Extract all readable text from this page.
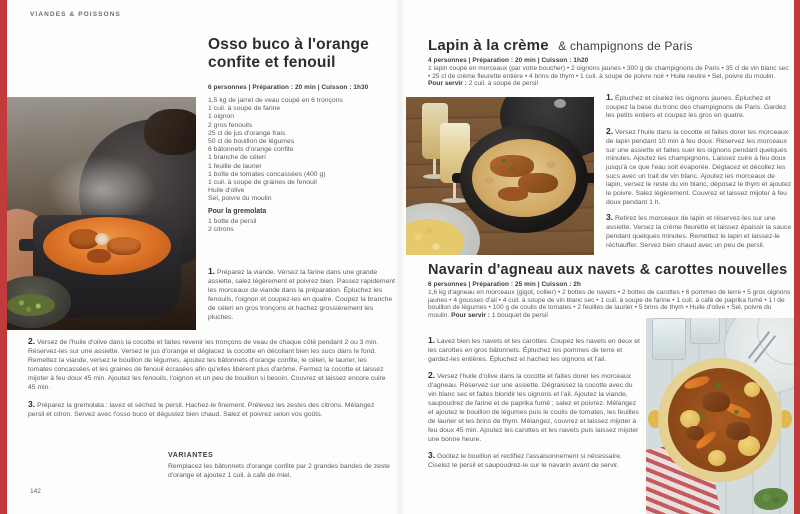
VIANDES & POISSONS
Osso buco à l'orange
confite et fenouil
6 personnes | Préparation : 20 min | Cuisson : 1h30
1,5 kg de jarret de veau coupé en 6 tronçons
1 cuil. à soupe de farine
1 oignon
2 gros fenouils
25 cl de jus d'orange frais
50 cl de bouillon de légumes
6 bâtonnets d'orange confite
1 branche de céleri
1 feuille de laurier
1 boîte de tomates concassées (400 g)
1 cuil. à soupe de graines de fenouil
Huile d'olive
Sel, poivre du moulin
Pour la gremolata
1 botte de persil
2 citrons
1. Préparez la viande. Versez la farine dans une grande assiette, salez légèrement et poivrez bien. Passez rapidement les morceaux de viande dans la préparation. Épluchez les fenouils, l'oignon et coupez-les en quatre. Coupez la branche de céleri en gros tronçons et hachez grossièrement les pluches.

2. Versez de l'huile d'olive dans la cocotte et faites revenir les tronçons de veau de chaque côté pendant 2 ou 3 min. Réservez-les sur une assiette. Versez le jus d'orange et déglacez la cocotte en décollant bien les sucs dans le fond. Remettez la viande, versez le bouillon de légumes, ajoutez les bâtonnets d'orange confite, le céleri, le laurier, les tomates concassées et les graines de fenouil écrasées afin qu'elles libèrent plus d'arôme. Fermez la cocotte et laissez mijoter à feu doux 45 min. Ajoutez les fenouils, l'oignon et un peu de bouillon si besoin. Couvrez et laissez encore cuire 45 min.

3. Préparez la gremolata : lavez et séchez le persil. Hachez-le finement. Prélevez les zestes des citrons. Mélangez persil et citron. Servez avec l'osso buco et dégustez bien chaud. Salez et poivrez selon vos goûts.

VARIANTES
Remplacez les bâtonnets d'orange confite par 2 grandes bandes de zeste d'orange et ajoutez 1 cuil. à café de miel.
142
Lapin à la crème & champignons de Paris
4 personnes | Préparation : 20 min | Cuisson : 1h20
1 lapin coupé en morceaux (par votre boucher) • 2 oignons jaunes • 300 g de champignons de Paris • 35 cl de vin blanc sec • 25 cl de crème fleurette entière • 4 brins de thym • 1 cuil. à soupe de poivre noir • Huile neutre • Sel, poivre du moulin. Pour servir : 2 cuil. à soupe de persil

1. Épluchez et ciselez les oignons jaunes. Épluchez et coupez la base du tronc des champignons de Paris. Gardez les petits entiers et coupez les gros en quatre.

2. Versez l'huile dans la cocotte et faites dorer les morceaux de lapin pendant 10 min à feu doux. Réservez les morceaux sur une assiette et faites suer les oignons pendant quelques minutes. Ajoutez les champignons. Laissez cuire à feu doux jusqu'à ce que l'eau soit évaporée. Déglacez et décollez les sucs avec un trait de vin blanc. Ajoutez les morceaux de lapin, versez le reste du vin blanc, déposez le thym et ajoutez le poivre. Salez légèrement. Couvrez et laissez mijoter à feu doux pendant 1 h.

3. Retirez les morceaux de lapin et réservez-les sur une assiette. Versez la crème fleurette et laissez épaissir la sauce pendant quelques minutes. Remettez le lapin et laissez-le réchauffer. Servez bien chaud avec un peu de persil.

Navarin d'agneau aux navets & carottes nouvelles
6 personnes | Préparation : 25 min | Cuisson : 2h
1,6 kg d'agneau en morceaux (gigot, collier) • 2 bottes de navets • 2 bottes de carottes • 6 pommes de terre • 5 gros oignons jaunes • 4 gousses d'ail • 4 cuil. à soupe de vin blanc sec • 1 cuil. à soupe de farine • 1 cuil. à café de paprika fumé • 1 l de bouillon de légumes • 100 g de coulis de tomates • 2 feuilles de laurier • 5 brins de thym • Huile d'olive • Sel, poivre du moulin. Pour servir : 1 bouquet de persil

1. Lavez bien les navets et les carottes. Coupez les navets en deux et les carottes en gros bâtonnets. Épluchez les pommes de terre et gardez-les entières. Épluchez et hachez les oignons et l'ail.

2. Versez l'huile d'olive dans la cocotte et faites dorer les morceaux d'agneau. Réservez sur une assiette. Dégraissez la cocotte avec du vin blanc sec et faites blondir les oignons et l'ail. Ajoutez la viande, saupoudrez de farine et de paprika fumé ; salez et poivrez. Mélangez et ajoutez le bouillon de légumes puis le coulis de tomates, les feuilles de laurier et les brins de thym. Mélangez, couvrez et laissez mijoter à feu doux 45 min. Ajoutez les carottes et les navets puis laissez mijoter une bonne heure.

3. Goûtez le bouillon et rectifiez l'assaisonnement si nécessaire. Ciselez le persil et saupoudrez-le sur le navarin avant de servir.
